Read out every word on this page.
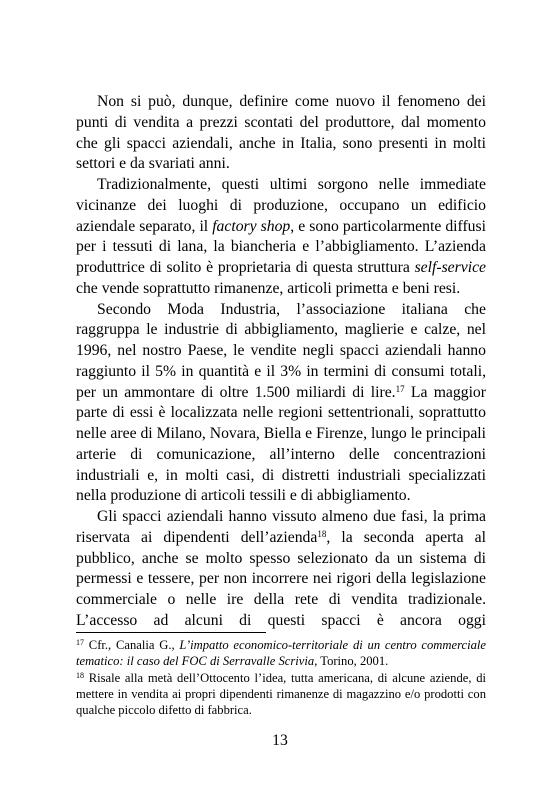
Non si può, dunque, definire come nuovo il fenomeno dei punti di vendita a prezzi scontati del produttore, dal momento che gli spacci aziendali, anche in Italia, sono presenti in molti settori e da svariati anni.

Tradizionalmente, questi ultimi sorgono nelle immediate vicinanze dei luoghi di produzione, occupano un edificio aziendale separato, il factory shop, e sono particolarmente diffusi per i tessuti di lana, la biancheria e l’abbigliamento. L’azienda produttrice di solito è proprietaria di questa struttura self-service che vende soprattutto rimanenze, articoli primetta e beni resi.

Secondo Moda Industria, l’associazione italiana che raggruppa le industrie di abbigliamento, maglierie e calze, nel 1996, nel nostro Paese, le vendite negli spacci aziendali hanno raggiunto il 5% in quantità e il 3% in termini di consumi totali, per un ammontare di oltre 1.500 miliardi di lire.$^{17}$ La maggior parte di essi è localizzata nelle regioni settentrionali, soprattutto nelle aree di Milano, Novara, Biella e Firenze, lungo le principali arterie di comunicazione, all’interno delle concentrazioni industriali e, in molti casi, di distretti industriali specializzati nella produzione di articoli tessili e di abbigliamento.

Gli spacci aziendali hanno vissuto almeno due fasi, la prima riservata ai dipendenti dell’azienda$^{18}$, la seconda aperta al pubblico, anche se molto spesso selezionato da un sistema di permessi e tessere, per non incorrere nei rigori della legislazione commerciale o nelle ire della rete di vendita tradizionale. L’accesso ad alcuni di questi spacci è ancora oggi

$^{17}$ Cfr., Canalia G., L’impatto economico-territoriale di un centro commerciale tematico: il caso del FOC di Serravalle Scrivia, Torino, 2001.

$^{18}$ Risale alla metà dell’Ottocento l’idea, tutta americana, di alcune aziende, di mettere in vendita ai propri dipendenti rimanenze di magazzino e/o prodotti con qualche piccolo difetto di fabbrica.

13
